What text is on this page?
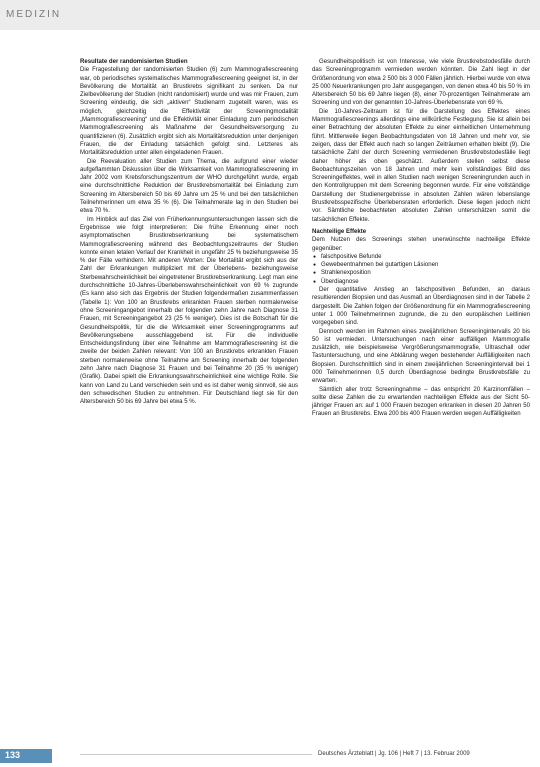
MEDIZIN

Resultate der randomisierten Studien

Die Fragestellung der randomisierten Studien (6) zum Mammografiescreening war, ob periodisches systematisches Mammografiescreening geeignet ist, in der Bevölkerung die Mortalität an Brustkrebs signifikant zu senken. Da nur Zielbevölkerung der Studien (nicht randomisiert) wurde und was mir Frauen, zum Screening eindeutig, die sich „aktiven“ Studienarm zugeteilt waren, was es möglich, gleichzeitig die Effektivität der Screeningmodalität „Mammografiescreening“ und die Effektivität einer Einladung zum periodischen Mammografiescreening als Maßnahme der Gesundheitsversorgung zu quantifizieren (6). Zusätzlich ergibt sich als Mortalitätsreduktion unter denjenigen Frauen, die der Einladung tatsächlich gefolgt sind. Letzteres als Mortalitätsreduktion unter allen eingeladenen Frauen.

Die Reevaluation aller Studien zum Thema, die aufgrund einer wieder aufgeflammten Diskussion über die Wirksamkeit von Mammografiescreening im Jahr 2002 vom Krebsforschungszentrum der WHO durchgeführt wurde, ergab eine durchschnittliche Reduktion der Brustkrebsmortalität bei Einladung zum Screening im Altersbereich 50 bis 69 Jahre um 25 % und bei den tatsächlichen Teilnehmerinnen um etwa 35 % (6). Die Teilnahmerate lag in den Studien bei etwa 70 %.

Im Hinblick auf das Ziel von Früherkennungsuntersuchungen lassen sich die Ergebnisse wie folgt interpretieren: Die frühe Erkennung einer noch asymptomatischen Brustkrebserkrankung bei systematischem Mammografiescreening während des Beobachtungszeitraums der Studien konnte einen letalen Verlauf der Krankheit in ungefähr 25 % beziehungsweise 35 % der Fälle verhindern. Mit anderen Worten: Die Mortalität ergibt sich aus der Zahl der Erkrankungen multipliziert mit der Überlebens- beziehungsweise Sterbewahrscheinlichkeit bei eingetretener Brustkrebserkrankung. Legt man eine durchschnittliche 10-Jahres-Überlebenswahrscheinlichkeit von 69 % zugrunde (Es kann also sich das Ergebnis der Studien folgendermaßen zusammenfassen (Tabelle 1): Von 100 an Brustkrebs erkrankten Frauen sterben normalerweise ohne Screeningangebot innerhalb der folgenden zehn Jahre nach Diagnose 31 Frauen, mit Screeningangebot 23 (25 % weniger). Dies ist die Botschaft für die Gesundheitspolitik, für die die Wirksamkeit einer Screeningprogramms auf Bevölkerungsebene ausschlaggebend ist. Für die individuelle Entscheidungsfindung über eine Teilnahme am Mammografiescreening ist die zweite der beiden Zahlen relevant: Von 100 an Brustkrebs erkrankten Frauen sterben normalerweise ohne Teilnahme am Screening innerhalb der folgenden zehn Jahre nach Diagnose 31 Frauen und bei Teilnahme 20 (35 % weniger) (Grafik). Dabei spielt die Erkrankungswahrscheinlichkeit eine wichtige Rolle. Sie kann von Land zu Land verschieden sein und es ist daher wenig sinnvoll, sie aus den schwedischen Studien zu entnehmen. Für Deutschland liegt sie für den Altersbereich 50 bis 69 Jahre bei etwa 5 %.

Gesundheitspolitisch ist von Interesse, wie viele Brustkrebstodesfälle durch das Screeningprogramm vermieden werden könnten. Die Zahl liegt in der Größenordnung von etwa 2 500 bis 3 000 Fällen jährlich. Hierbei wurde von etwa 25 000 Neuerkrankungen pro Jahr ausgegangen, von denen etwa 40 bis 50 % im Altersbereich 50 bis 69 Jahre liegen (8), einer 70-prozentigen Teilnahmerate am Screening und von der genannten 10-Jahres-Überlebensrate von 69 %.

Die 10-Jahres-Zeitraum ist für die Darstellung des Effektes eines Mammografiescreenings allerdings eine willkürliche Festlegung. Sie ist allein bei einer Betrachtung der absoluten Effekte zu einer einheitlichen Unternehmung führt. Mittlerweile liegen Beobachtungsdaten von 18 Jahren und mehr vor, sie zeigen, dass der Effekt auch nach so langen Zeiträumen erhalten bleibt (9). Die tatsächliche Zahl der durch Screening vermiedenen Brustkrebstodesfälle liegt daher höher als oben geschätzt. Außerdem stellen selbst diese Beobachtungszeiten von 18 Jahren und mehr kein vollständiges Bild des Screeningeffektes, weil in allen Studien nach wenigen Screeningrunden auch in den Kontrollgruppen mit dem Screening begonnen wurde. Für eine vollständige Darstellung der Studienergebnisse in absoluten Zahlen wären lebenslange Brustkrebsspezifische Überlebensraten erforderlich. Diese liegen jedoch nicht vor. Sämtliche beobachteten absoluten Zahlen unterschätzen somit die tatsächlichen Effekte.

Nachteilige Effekte

Dem Nutzen des Screenings stehen unerwünschte nachteilige Effekte gegenüber:

● falschpositive Befunde
● Gewebeentnahmen bei gutartigen Läsionen
● Strahlenexposition
● Überdiagnose

Der quantitative Anstieg an falschpositiven Befunden, an daraus resultierenden Biopsien und das Ausmaß an Überdiagnosen sind in der Tabelle 2 dargestellt. Die Zahlen folgen der Größenordnung für ein Mammografiescreening unter 1 000 Teilnehmerinnen zugrunde, die zu den europäischen Leitlinien vorgegeben sind.

Dennoch werden im Rahmen eines zweijährlichen Screeningintervalls 20 bis 50 ist vermieden. Untersuchungen nach einer auffälligen Mammografie zusätzlich, wie beispielsweise Vergrößerungsmammografie, Ultraschall oder Tastuntersuchung, und eine Abklärung wegen bestehender Auffälligkeiten nach Biopsien. Durchschnittlich sind in einem zweijährlichen Screeningintervall bei 1 000 Teilnehmerinnen 0,5 durch Überdiagnose bedingte Brustkrebsfälle zu erwarten.

Sämtlich aller trotz Screeningnahme – das entspricht 20 Karzinomfällen – sollte diese Zahlen die zu erwartenden nachteiligen Effekte aus der Sicht 50-jähriger Frauen an: auf 1 000 Frauen bezogen erkranken in diesen 20 Jahren 50 Frauen an Brustkrebs. Etwa 200 bis 400 Frauen werden wegen Auffälligkeiten

133	Deutsches Ärzteblatt | Jg. 106 | Heft 7 | 13. Februar 2009
